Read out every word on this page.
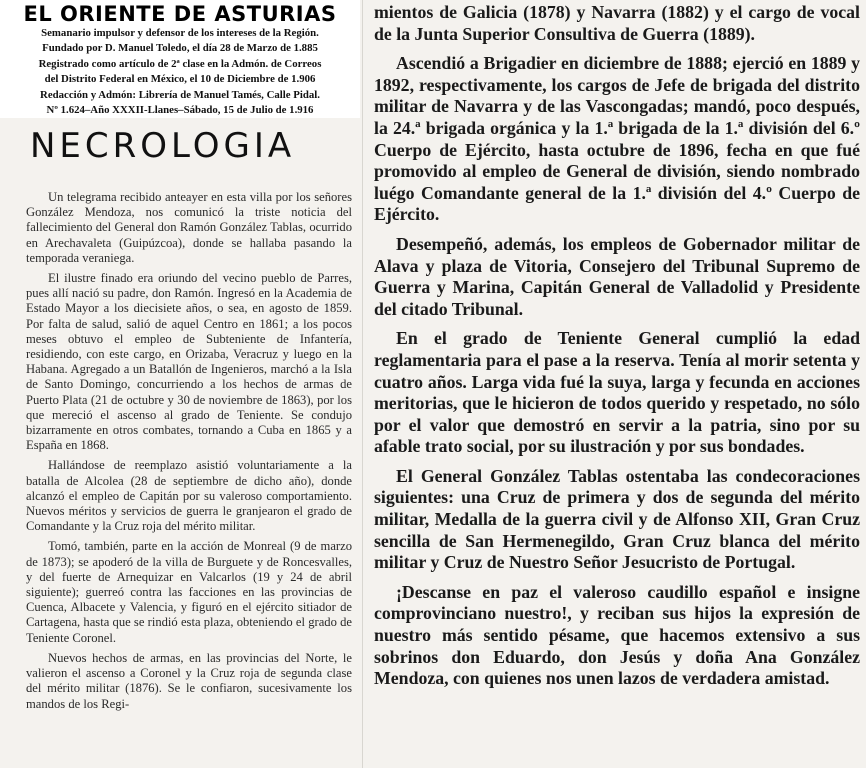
EL ORIENTE DE ASTURIAS
Semanario impulsor y defensor de los intereses de la Región.
Fundado por D. Manuel Toledo, el día 28 de Marzo de 1.885
Registrado como artículo de 2ª clase en la Admón. de Correos
del Distrito Federal en México, el 10 de Diciembre de 1.906
Redacción y Admón: Librería de Manuel Tamés, Calle Pidal.
Nº 1.624–Año XXXII-Llanes–Sábado, 15 de Julio de 1.916
NECROLOGIA

Un telegrama recibido anteayer en esta villa por los señores González Mendoza, nos comunicó la triste noticia del fallecimiento del General don Ramón González Tablas, ocurrido en Arechavaleta (Guipúzcoa), donde se hallaba pasando la temporada veraniega.

El ilustre finado era oriundo del vecino pueblo de Parres, pues allí nació su padre, don Ramón. Ingresó en la Academia de Estado Mayor a los diecisiete años, o sea, en agosto de 1859. Por falta de salud, salió de aquel Centro en 1861; a los pocos meses obtuvo el empleo de Subteniente de Infantería, residiendo, con este cargo, en Orizaba, Veracruz y luego en la Habana. Agregado a un Batallón de Ingenieros, marchó a la Isla de Santo Domingo, concurriendo a los hechos de armas de Puerto Plata (21 de octubre y 30 de noviembre de 1863), por los que mereció el ascenso al grado de Teniente. Se condujo bizarramente en otros combates, tornando a Cuba en 1865 y a España en 1868.

Hallándose de reemplazo asistió voluntariamente a la batalla de Alcolea (28 de septiembre de dicho año), donde alcanzó el empleo de Capitán por su valeroso comportamiento. Nuevos méritos y servicios de guerra le granjearon el grado de Comandante y la Cruz roja del mérito militar.

Tomó, también, parte en la acción de Monreal (9 de marzo de 1873); se apoderó de la villa de Burguete y de Roncesvalles, y del fuerte de Arnequizar en Valcarlos (19 y 24 de abril siguiente); guerreó contra las facciones en las provincias de Cuenca, Albacete y Valencia, y figuró en el ejército sitiador de Cartagena, hasta que se rindió esta plaza, obteniendo el grado de Teniente Coronel.

Nuevos hechos de armas, en las provincias del Norte, le valieron el ascenso a Coronel y la Cruz roja de segunda clase del mérito militar (1876). Se le confiaron, sucesivamente los mandos de los Regi-

mientos de Galicia (1878) y Navarra (1882) y el cargo de vocal de la Junta Superior Consultiva de Guerra (1889).

Ascendió a Brigadier en diciembre de 1888; ejerció en 1889 y 1892, respectivamente, los cargos de Jefe de brigada del distrito militar de Navarra y de las Vascongadas; mandó, poco después, la 24.ª brigada orgánica y la 1.ª brigada de la 1.ª división del 6.º Cuerpo de Ejército, hasta octubre de 1896, fecha en que fué promovido al empleo de General de división, siendo nombrado luégo Comandante general de la 1.ª división del 4.º Cuerpo de Ejército.

Desempeñó, además, los empleos de Gobernador militar de Alava y plaza de Vitoria, Consejero del Tribunal Supremo de Guerra y Marina, Capitán General de Valladolid y Presidente del citado Tribunal.

En el grado de Teniente General cumplió la edad reglamentaria para el pase a la reserva. Tenía al morir setenta y cuatro años. Larga vida fué la suya, larga y fecunda en acciones meritorias, que le hicieron de todos querido y respetado, no sólo por el valor que demostró en servir a la patria, sino por su afable trato social, por su ilustración y por sus bondades.

El General González Tablas ostentaba las condecoraciones siguientes: una Cruz de primera y dos de segunda del mérito militar, Medalla de la guerra civil y de Alfonso XII, Gran Cruz sencilla de San Hermenegildo, Gran Cruz blanca del mérito militar y Cruz de Nuestro Señor Jesucristo de Portugal.

¡Descanse en paz el valeroso caudillo español e insigne comprovinciano nuestro!, y reciban sus hijos la expresión de nuestro más sentido pésame, que hacemos extensivo a sus sobrinos don Eduardo, don Jesús y doña Ana González Mendoza, con quienes nos unen lazos de verdadera amistad.
